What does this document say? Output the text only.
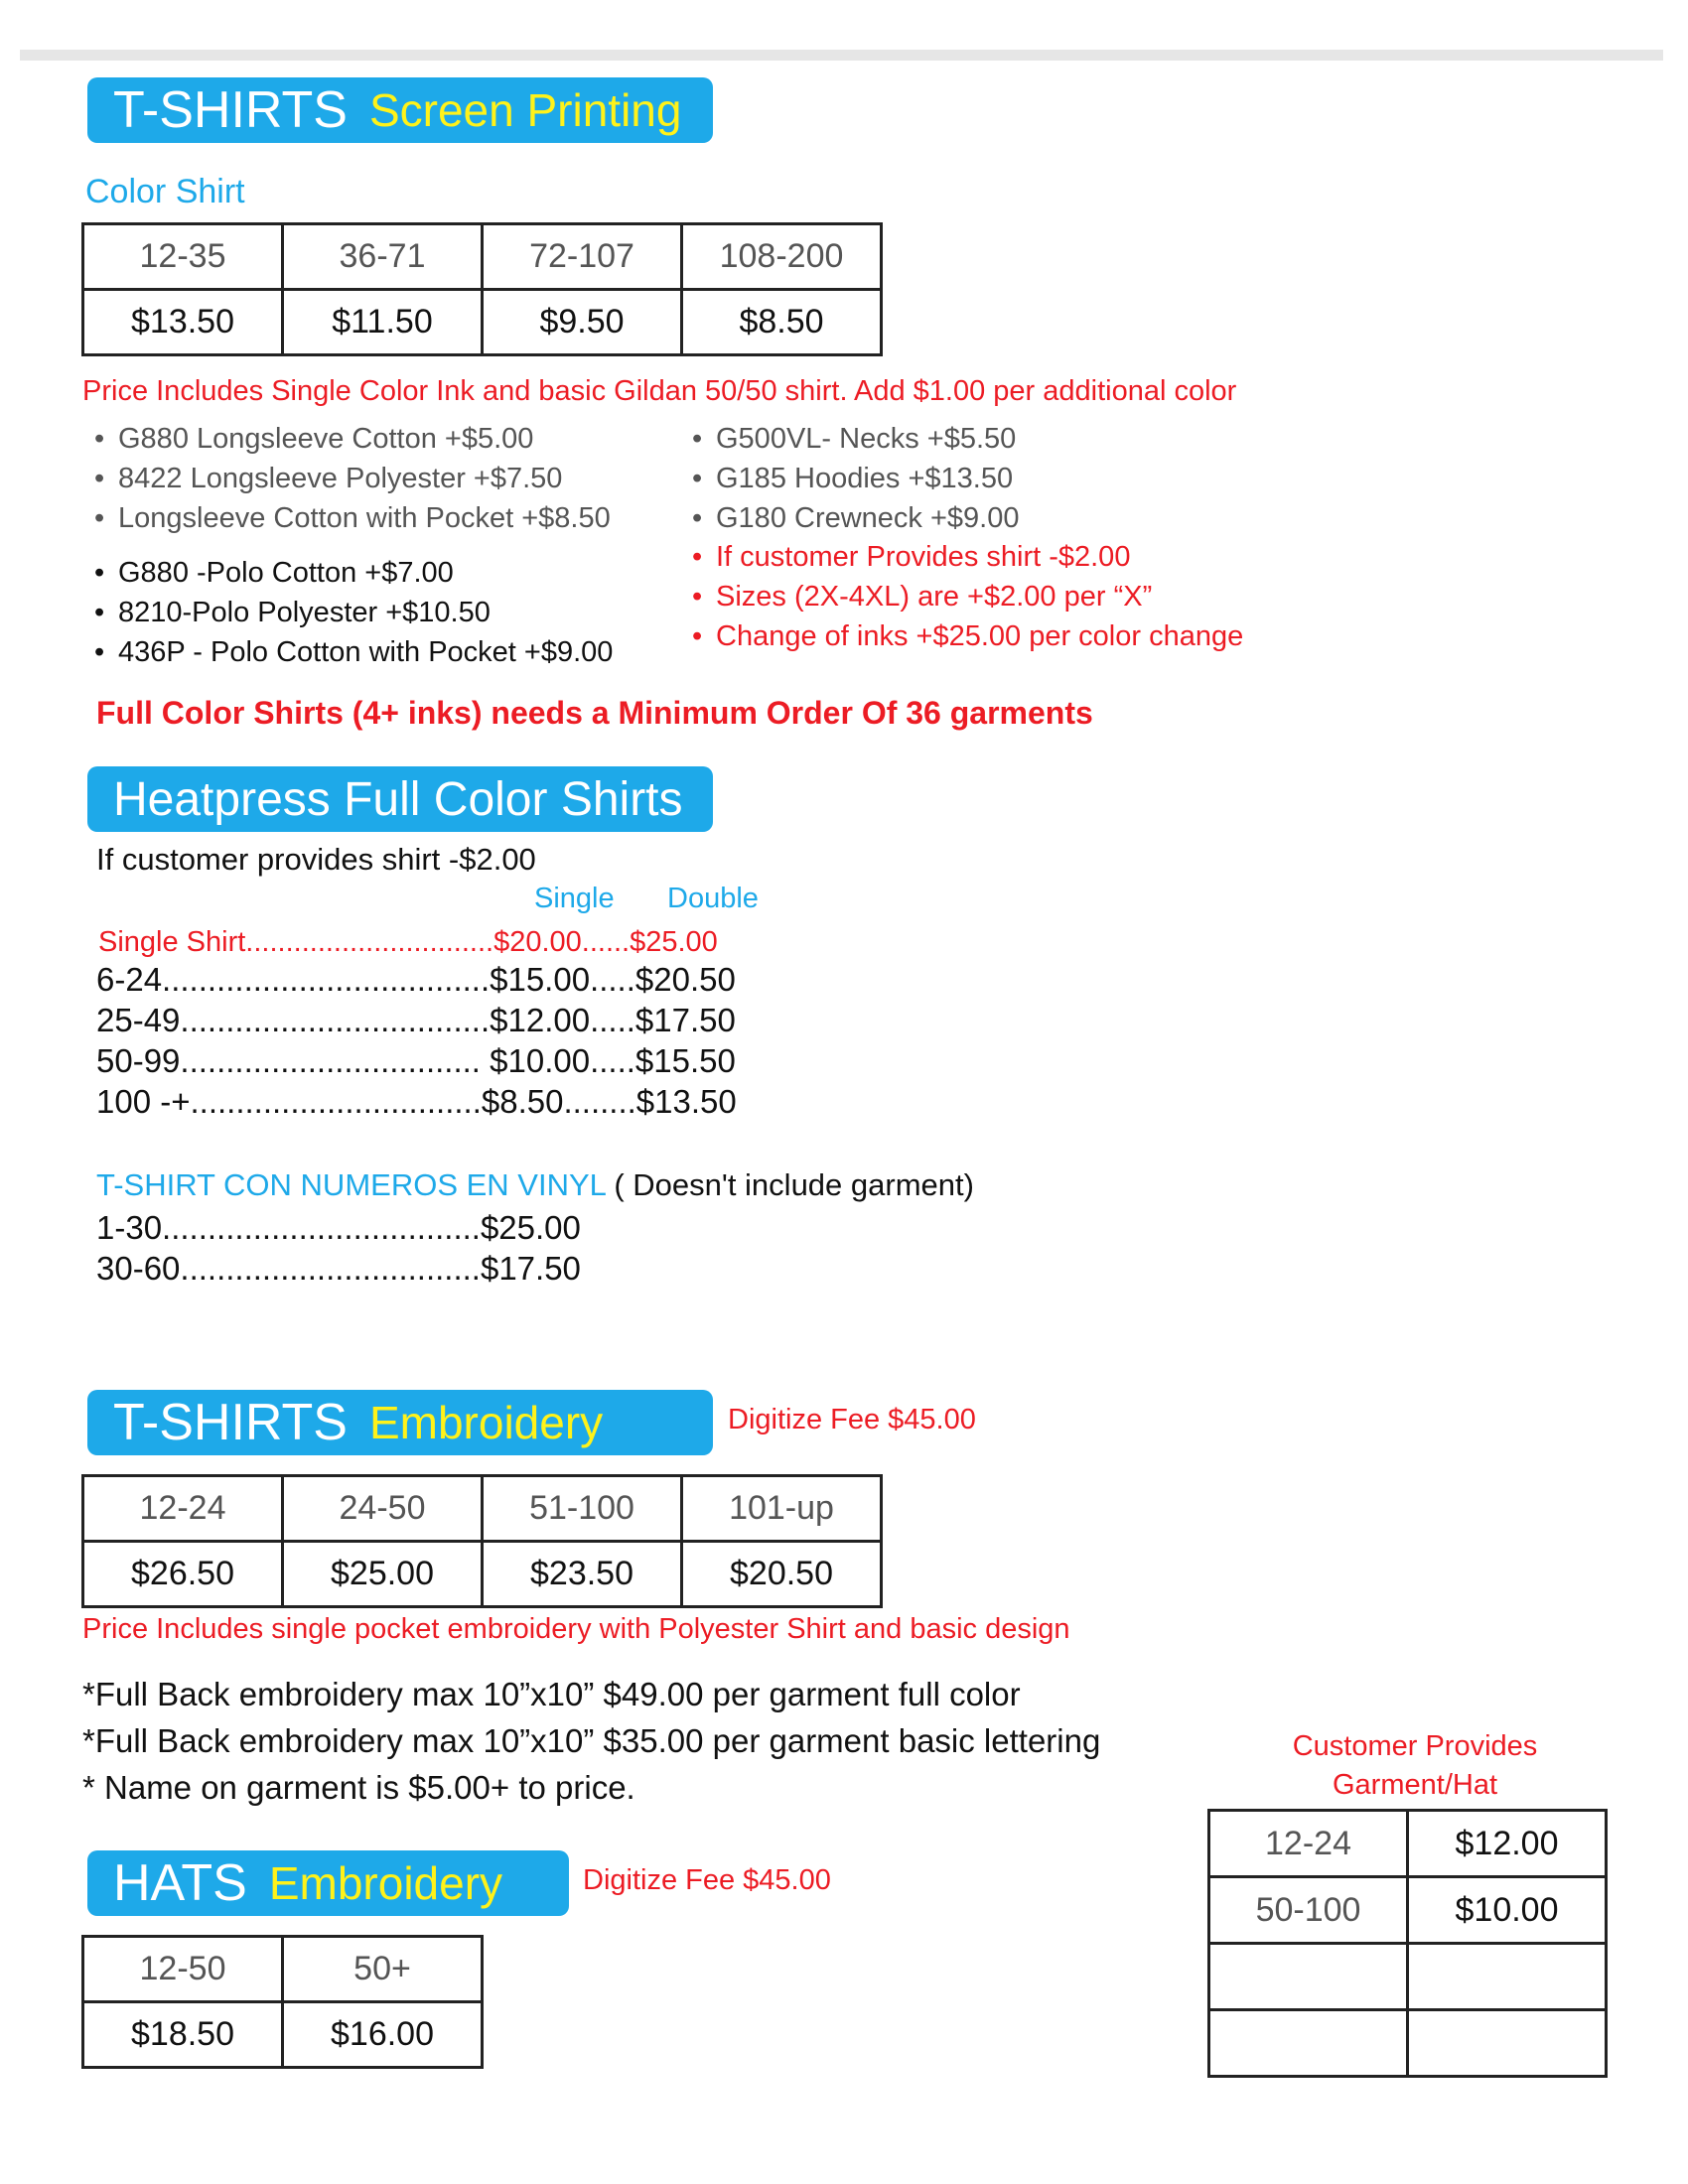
T-SHIRTS Screen Printing
Color Shirt
12-35	36-71	72-107	108-200
$13.50	$11.50	$9.50	$8.50
Price Includes Single Color Ink and basic Gildan 50/50 shirt. Add $1.00 per additional color
• G880 Longsleeve Cotton +$5.00
• 8422 Longsleeve Polyester +$7.50
• Longsleeve Cotton with Pocket +$8.50
• G880 -Polo Cotton +$7.00
• 8210-Polo Polyester +$10.50
• 436P - Polo Cotton with Pocket +$9.00
• G500VL- Necks +$5.50
• G185 Hoodies +$13.50
• G180 Crewneck +$9.00
• If customer Provides shirt -$2.00
• Sizes (2X-4XL) are +$2.00 per “X”
• Change of inks +$25.00 per color change
Full Color Shirts (4+ inks) needs a Minimum Order Of 36 garments
Heatpress Full Color Shirts
If customer provides shirt -$2.00
Single Double
Single Shirt...............................$20.00......$25.00
6-24....................................$15.00.....$20.50
25-49..................................$12.00.....$17.50
50-99................................. $10.00.....$15.50
100 -+................................$8.50........$13.50
T-SHIRT CON NUMEROS EN VINYL ( Doesn't include garment)
1-30...................................$25.00
30-60.................................$17.50
T-SHIRTS Embroidery	Digitize Fee $45.00
12-24	24-50	51-100	101-up
$26.50	$25.00	$23.50	$20.50
Price Includes single pocket embroidery with Polyester Shirt and basic design
*Full Back embroidery max 10”x10” $49.00 per garment full color
*Full Back embroidery max 10”x10” $35.00 per garment basic lettering
* Name on garment is $5.00+ to price.
HATS Embroidery	Digitize Fee $45.00
12-50	50+
$18.50	$16.00
Customer Provides
Garment/Hat
12-24	$12.00
50-100	$10.00
